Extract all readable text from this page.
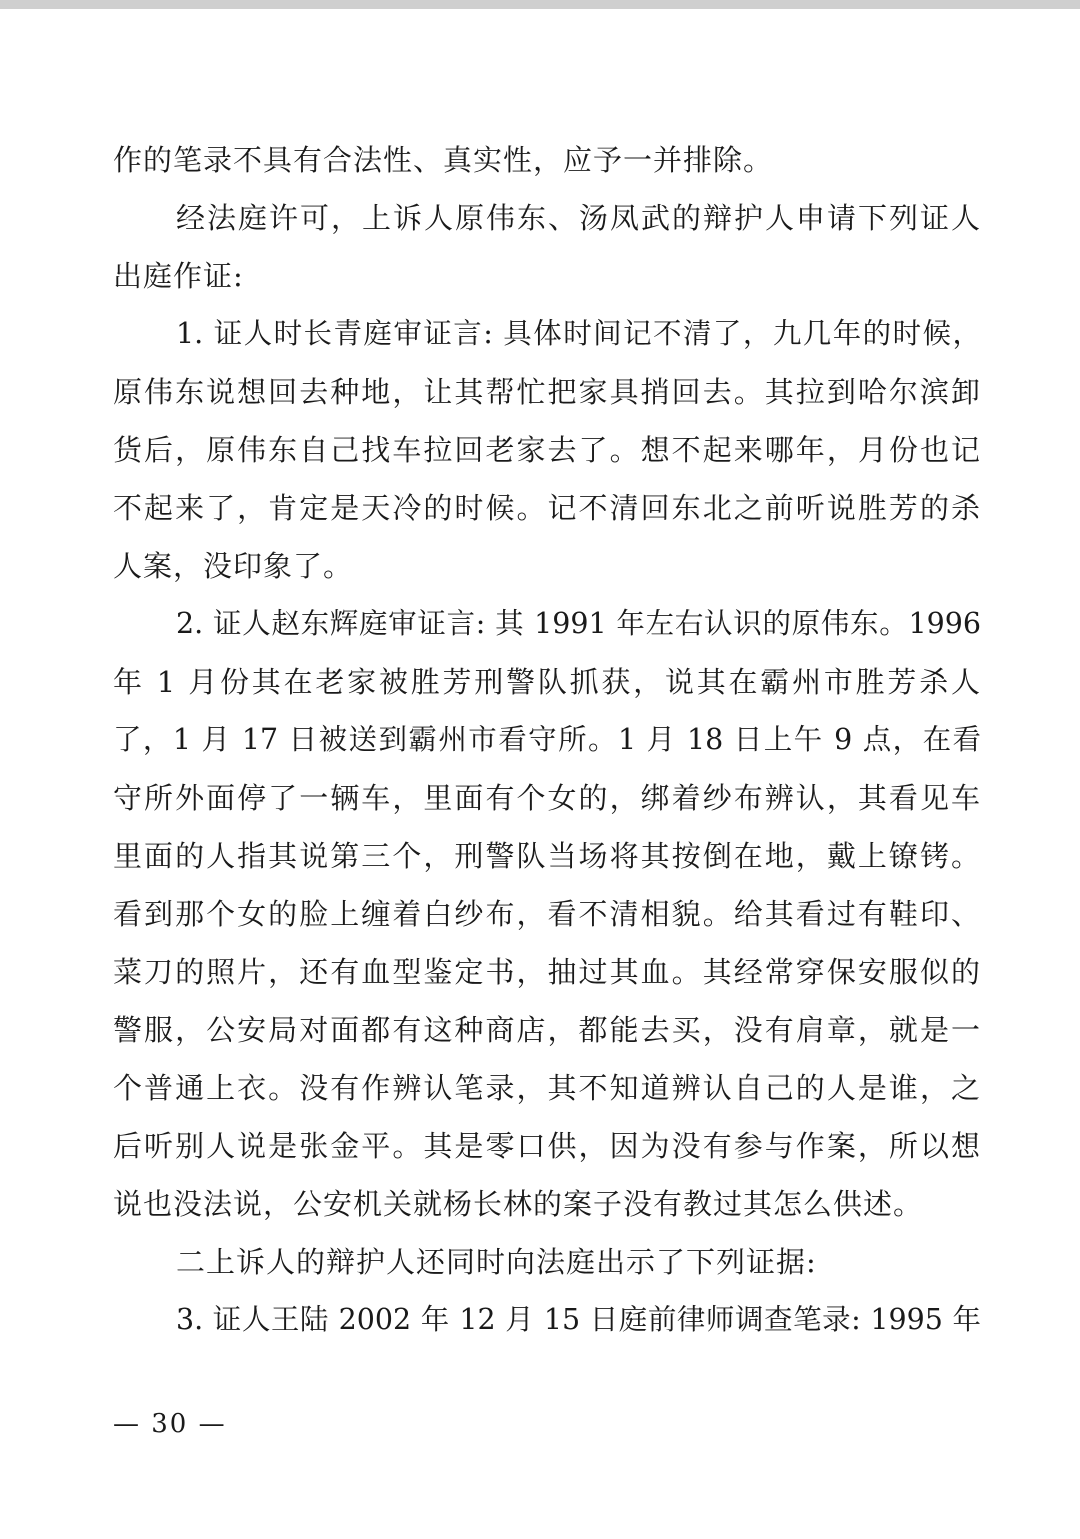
作的笔录不具有合法性、真实性，应予一并排除。
经法庭许可，上诉人原伟东、汤凤武的辩护人申请下列证人
出庭作证:
1. 证人时长青庭审证言: 具体时间记不清了，九几年的时候，
原伟东说想回去种地，让其帮忙把家具捎回去。其拉到哈尔滨卸
货后，原伟东自己找车拉回老家去了。想不起来哪年，月份也记
不起来了，肯定是天冷的时候。记不清回东北之前听说胜芳的杀
人案，没印象了。
2. 证人赵东辉庭审证言: 其 1991 年左右认识的原伟东。1996
年 1 月份其在老家被胜芳刑警队抓获，说其在霸州市胜芳杀人
了，1 月 17 日被送到霸州市看守所。1 月 18 日上午 9 点，在看
守所外面停了一辆车，里面有个女的，绑着纱布辨认，其看见车
里面的人指其说第三个，刑警队当场将其按倒在地，戴上镣铐。
看到那个女的脸上缠着白纱布，看不清相貌。给其看过有鞋印、
菜刀的照片，还有血型鉴定书，抽过其血。其经常穿保安服似的
警服，公安局对面都有这种商店，都能去买，没有肩章，就是一
个普通上衣。没有作辨认笔录，其不知道辨认自己的人是谁，之
后听别人说是张金平。其是零口供，因为没有参与作案，所以想
说也没法说，公安机关就杨长林的案子没有教过其怎么供述。
二上诉人的辩护人还同时向法庭出示了下列证据:
3. 证人王陆 2002 年 12 月 15 日庭前律师调查笔录: 1995 年
— 30 —
